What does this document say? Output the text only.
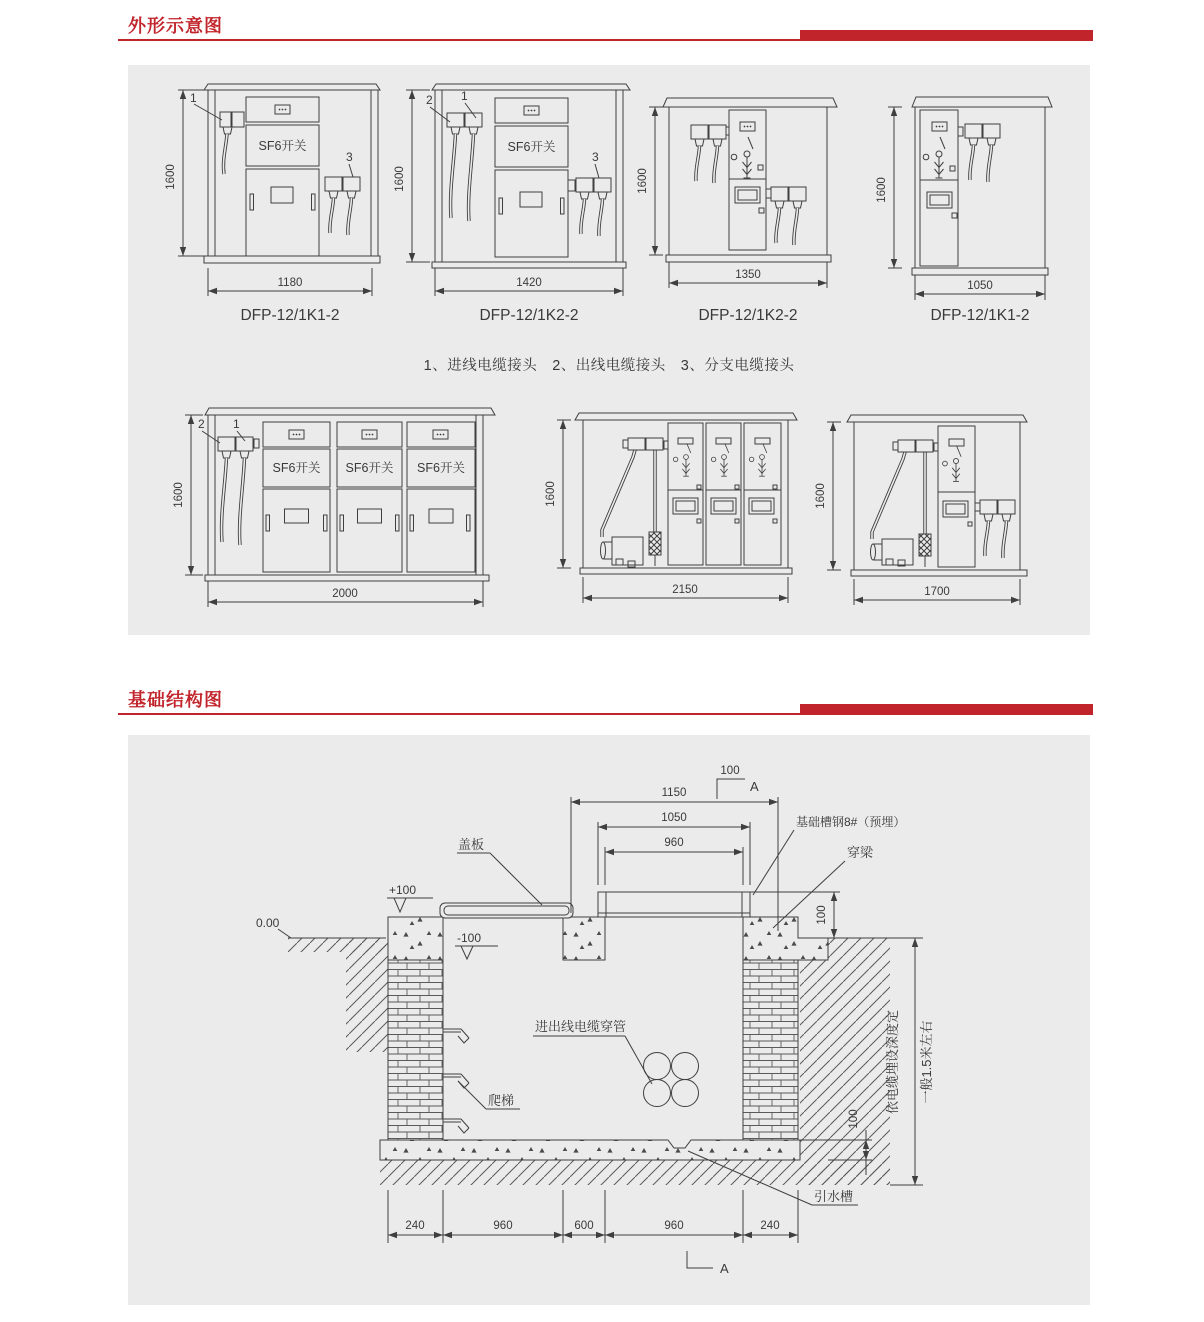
外形示意图
SF6开关
1
3
1600
1180
DFP-12/1K1-2
SF6开关
2 1
3
1600
1420
DFP-12/1K2-2
1600
1350
DFP-12/1K2-2
1600
1050
DFP-12/1K1-2
SF6开关 SF6开关 SF6开关
2 1
1600
2000
1600
2150
1600
1700
1、进线电缆接头　2、出线电缆接头　3、分支电缆接头
基础结构图
960
1050
1150
100
A
100
100
依电缆埋设深度定 一般1.5米左右
0.00
+100
-100
盖板
基础槽钢8#（预埋）
穿梁
进出线电缆穿管
爬梯
引水槽
240	960	600	960	240
A
